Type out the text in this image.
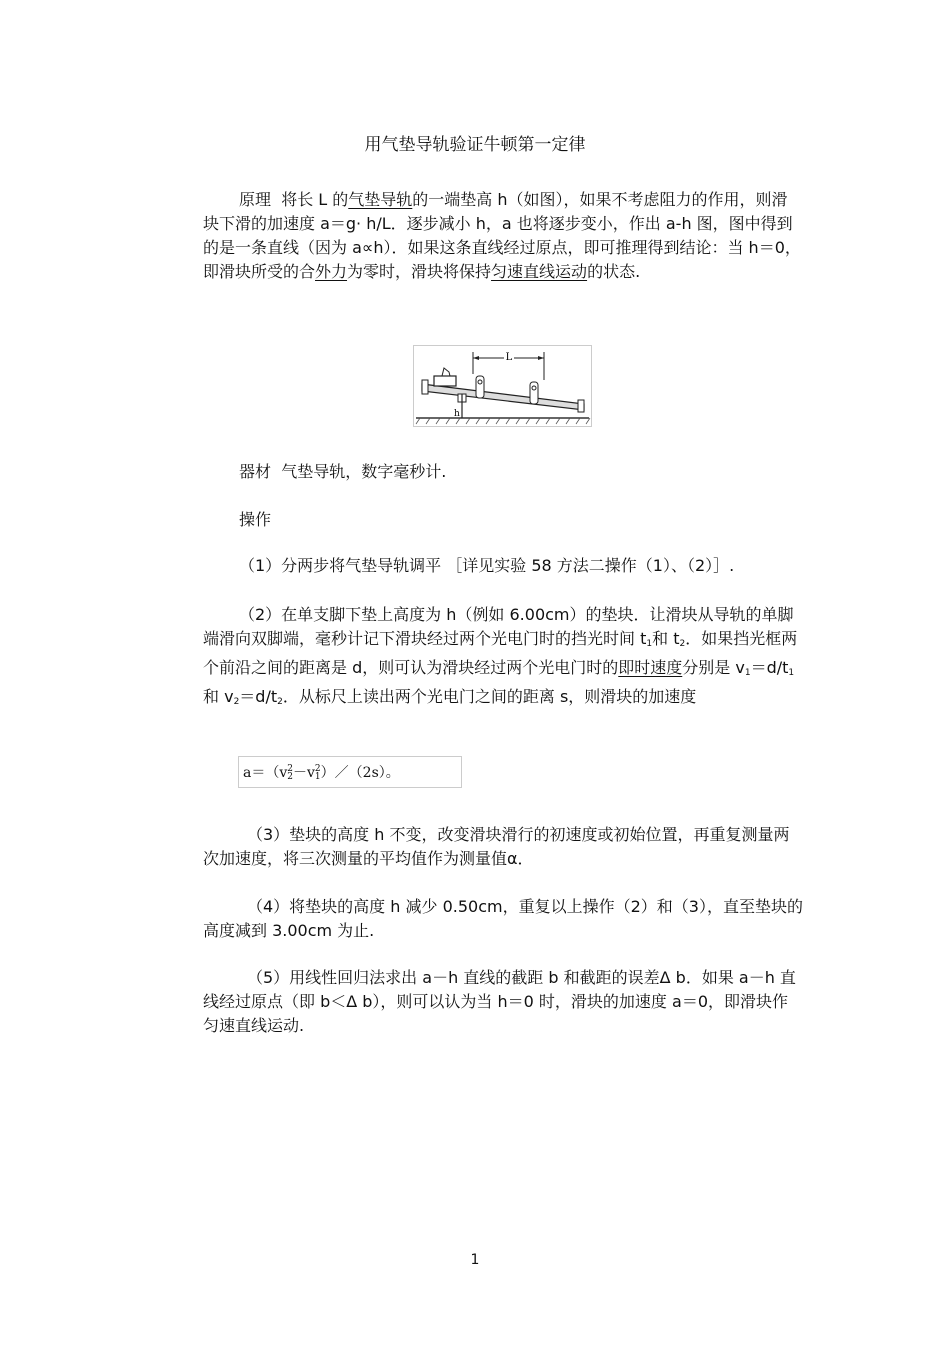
用气垫导轨验证牛顿第一定律
原理 将长 L 的气垫导轨的一端垫高 h（如图），如果不考虑阻力的作用，则滑块下滑的加速度 a＝g· h/L．逐步减小 h，a 也将逐步变小，作出 a-h 图，图中得到的是一条直线（因为 a∝h）．如果这条直线经过原点，即可推理得到结论：当 h＝0，即滑块所受的合外力为零时，滑块将保持匀速直线运动的状态.
L
h
器材 气垫导轨，数字毫秒计.
操作
（1）分两步将气垫导轨调平 ［详见实验 58 方法二操作（1）、（2）］.
（2）在单支脚下垫上高度为 h（例如 6.00cm）的垫块．让滑块从导轨的单脚端滑向双脚端，毫秒计记下滑块经过两个光电门时的挡光时间 $t_1$和 $t_2$．如果挡光框两个前沿之间的距离是 d，则可认为滑块经过两个光电门时的即时速度分别是 $v_1=d/t_1$和 $v_2=d/t_2$．从标尺上读出两个光电门之间的距离 s，则滑块的加速度
a＝（v 2
2 －v 2
1 ）／（2s）。
（3）垫块的高度 h 不变，改变滑块滑行的初速度或初始位置，再重复测量两次加速度，将三次测量的平均值作为测量值α．
（4）将垫块的高度 h 减少 0.50cm，重复以上操作（2）和（3），直至垫块的高度减到 3.00cm 为止.
（5）用线性回归法求出 a－h 直线的截距 b 和截距的误差Δ b．如果 a－h 直线经过原点（即 b＜Δ b），则可以认为当 h＝0 时，滑块的加速度 a＝0，即滑块作匀速直线运动.
1
